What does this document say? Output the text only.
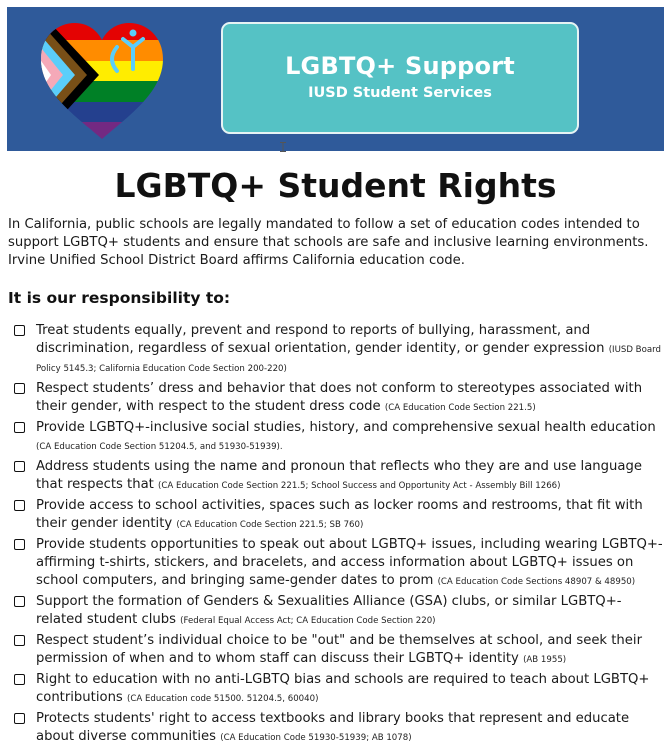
LGBTQ+ Support
IUSD Student Services
LGBTQ+ Student Rights
In California, public schools are legally mandated to follow a set of education codes intended to support LGBTQ+ students and ensure that schools are safe and inclusive learning environments. Irvine Unified School District Board affirms California education code.
It is our responsibility to:
Treat students equally, prevent and respond to reports of bullying, harassment, and discrimination, regardless of sexual orientation, gender identity, or gender expression (IUSD Board Policy 5145.3; California Education Code Section 200-220)
Respect students’ dress and behavior that does not conform to stereotypes associated with their gender, with respect to the student dress code (CA Education Code Section 221.5)
Provide LGBTQ+-inclusive social studies, history, and comprehensive sexual health education (CA Education Code Section 51204.5, and 51930-51939).
Address students using the name and pronoun that reflects who they are and use language that respects that (CA Education Code Section 221.5; School Success and Opportunity Act - Assembly Bill 1266)
Provide access to school activities, spaces such as locker rooms and restrooms, that fit with their gender identity (CA Education Code Section 221.5; SB 760)
Provide students opportunities to speak out about LGBTQ+ issues, including wearing LGBTQ+-affirming t-shirts, stickers, and bracelets, and access information about LGBTQ+ issues on school computers, and bringing same-gender dates to prom (CA Education Code Sections 48907 & 48950)
Support the formation of Genders & Sexualities Alliance (GSA) clubs, or similar LGBTQ+-related student clubs (Federal Equal Access Act; CA Education Code Section 220)
Respect student’s individual choice to be "out" and be themselves at school, and seek their permission of when and to whom staff can discuss their LGBTQ+ identity (AB 1955)
Right to education with no anti-LGBTQ bias and schools are required to teach about LGBTQ+ contributions (CA Education code 51500. 51204.5, 60040)
Protects students' right to access textbooks and library books that represent and educate about diverse communities (CA Education Code 51930-51939; AB 1078)
